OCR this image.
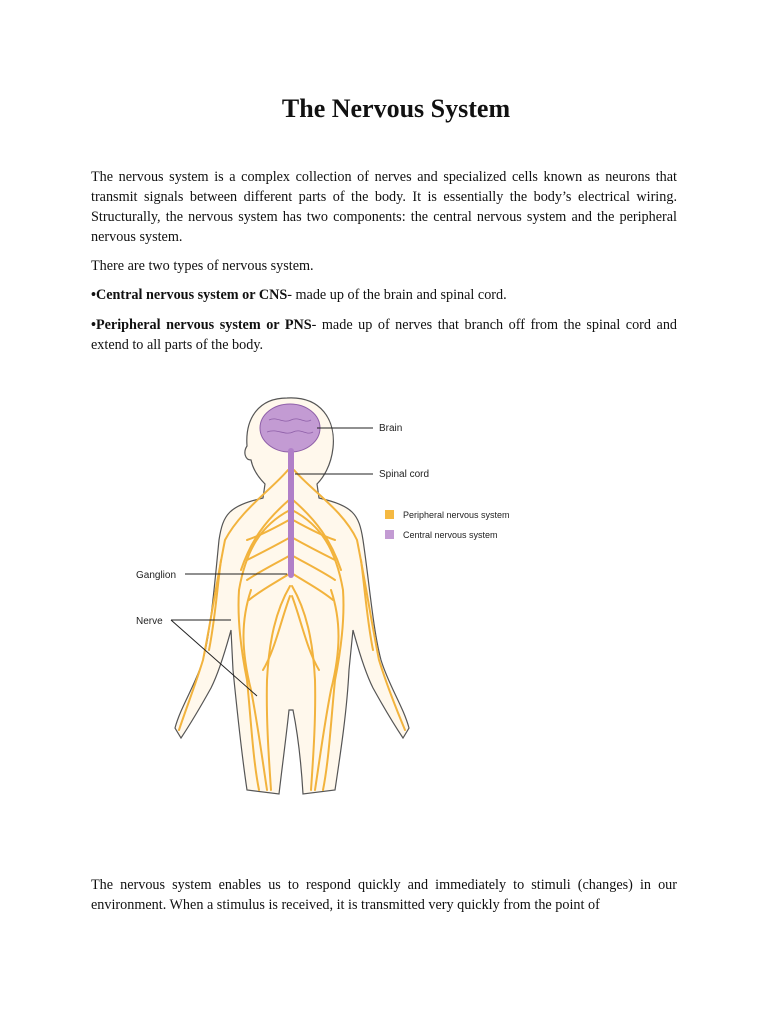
The Nervous System

The nervous system is a complex collection of nerves and specialized cells known as neurons that transmit signals between different parts of the body. It is essentially the body’s electrical wiring. Structurally, the nervous system has two components: the central nervous system and the peripheral nervous system.

There are two types of nervous system.

•Central nervous system or CNS- made up of the brain and spinal cord.

•Peripheral nervous system or PNS- made up of nerves that branch off from the spinal cord and extend to all parts of the body.

Brain
Spinal cord
Ganglion
Nerve
Peripheral nervous system
Central nervous system

The nervous system enables us to respond quickly and immediately to stimuli (changes) in our environment. When a stimulus is received, it is transmitted very quickly from the point of
